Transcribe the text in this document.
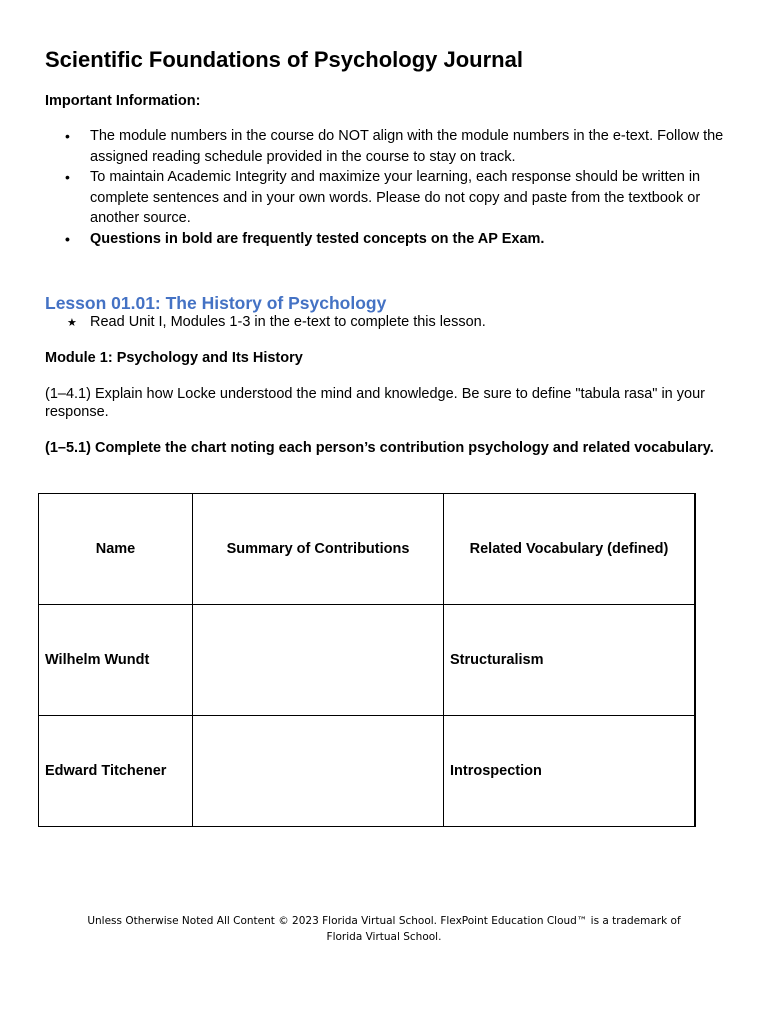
Scientific Foundations of Psychology Journal
Important Information:
• The module numbers in the course do NOT align with the module numbers in the e-text. Follow the assigned reading schedule provided in the course to stay on track.
• To maintain Academic Integrity and maximize your learning, each response should be written in complete sentences and in your own words. Please do not copy and paste from the textbook or another source.
• Questions in bold are frequently tested concepts on the AP Exam.
Lesson 01.01: The History of Psychology
★ Read Unit I, Modules 1-3 in the e-text to complete this lesson.
Module 1: Psychology and Its History
(1–4.1) Explain how Locke understood the mind and knowledge. Be sure to define "tabula rasa" in your response.
(1–5.1) Complete the chart noting each person’s contribution psychology and related vocabulary.
Name	Summary of Contributions	Related Vocabulary (defined)
Wilhelm Wundt		Structuralism
Edward Titchener		Introspection
Unless Otherwise Noted All Content © 2023 Florida Virtual School. FlexPoint Education Cloud™ is a trademark of
Florida Virtual School.
